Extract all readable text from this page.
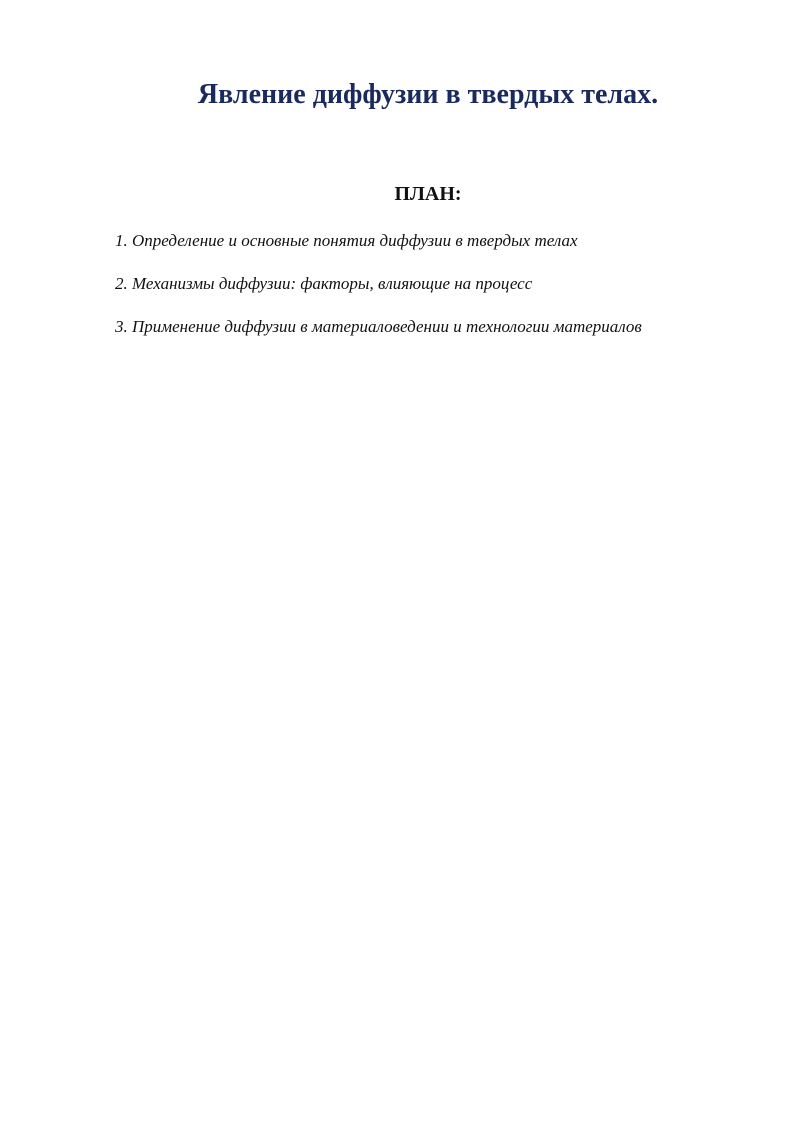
Явление диффузии в твердых телах.
ПЛАН:
1. Определение и основные понятия диффузии в твердых телах
2. Механизмы диффузии: факторы, влияющие на процесс
3. Применение диффузии в материаловедении и технологии материалов
